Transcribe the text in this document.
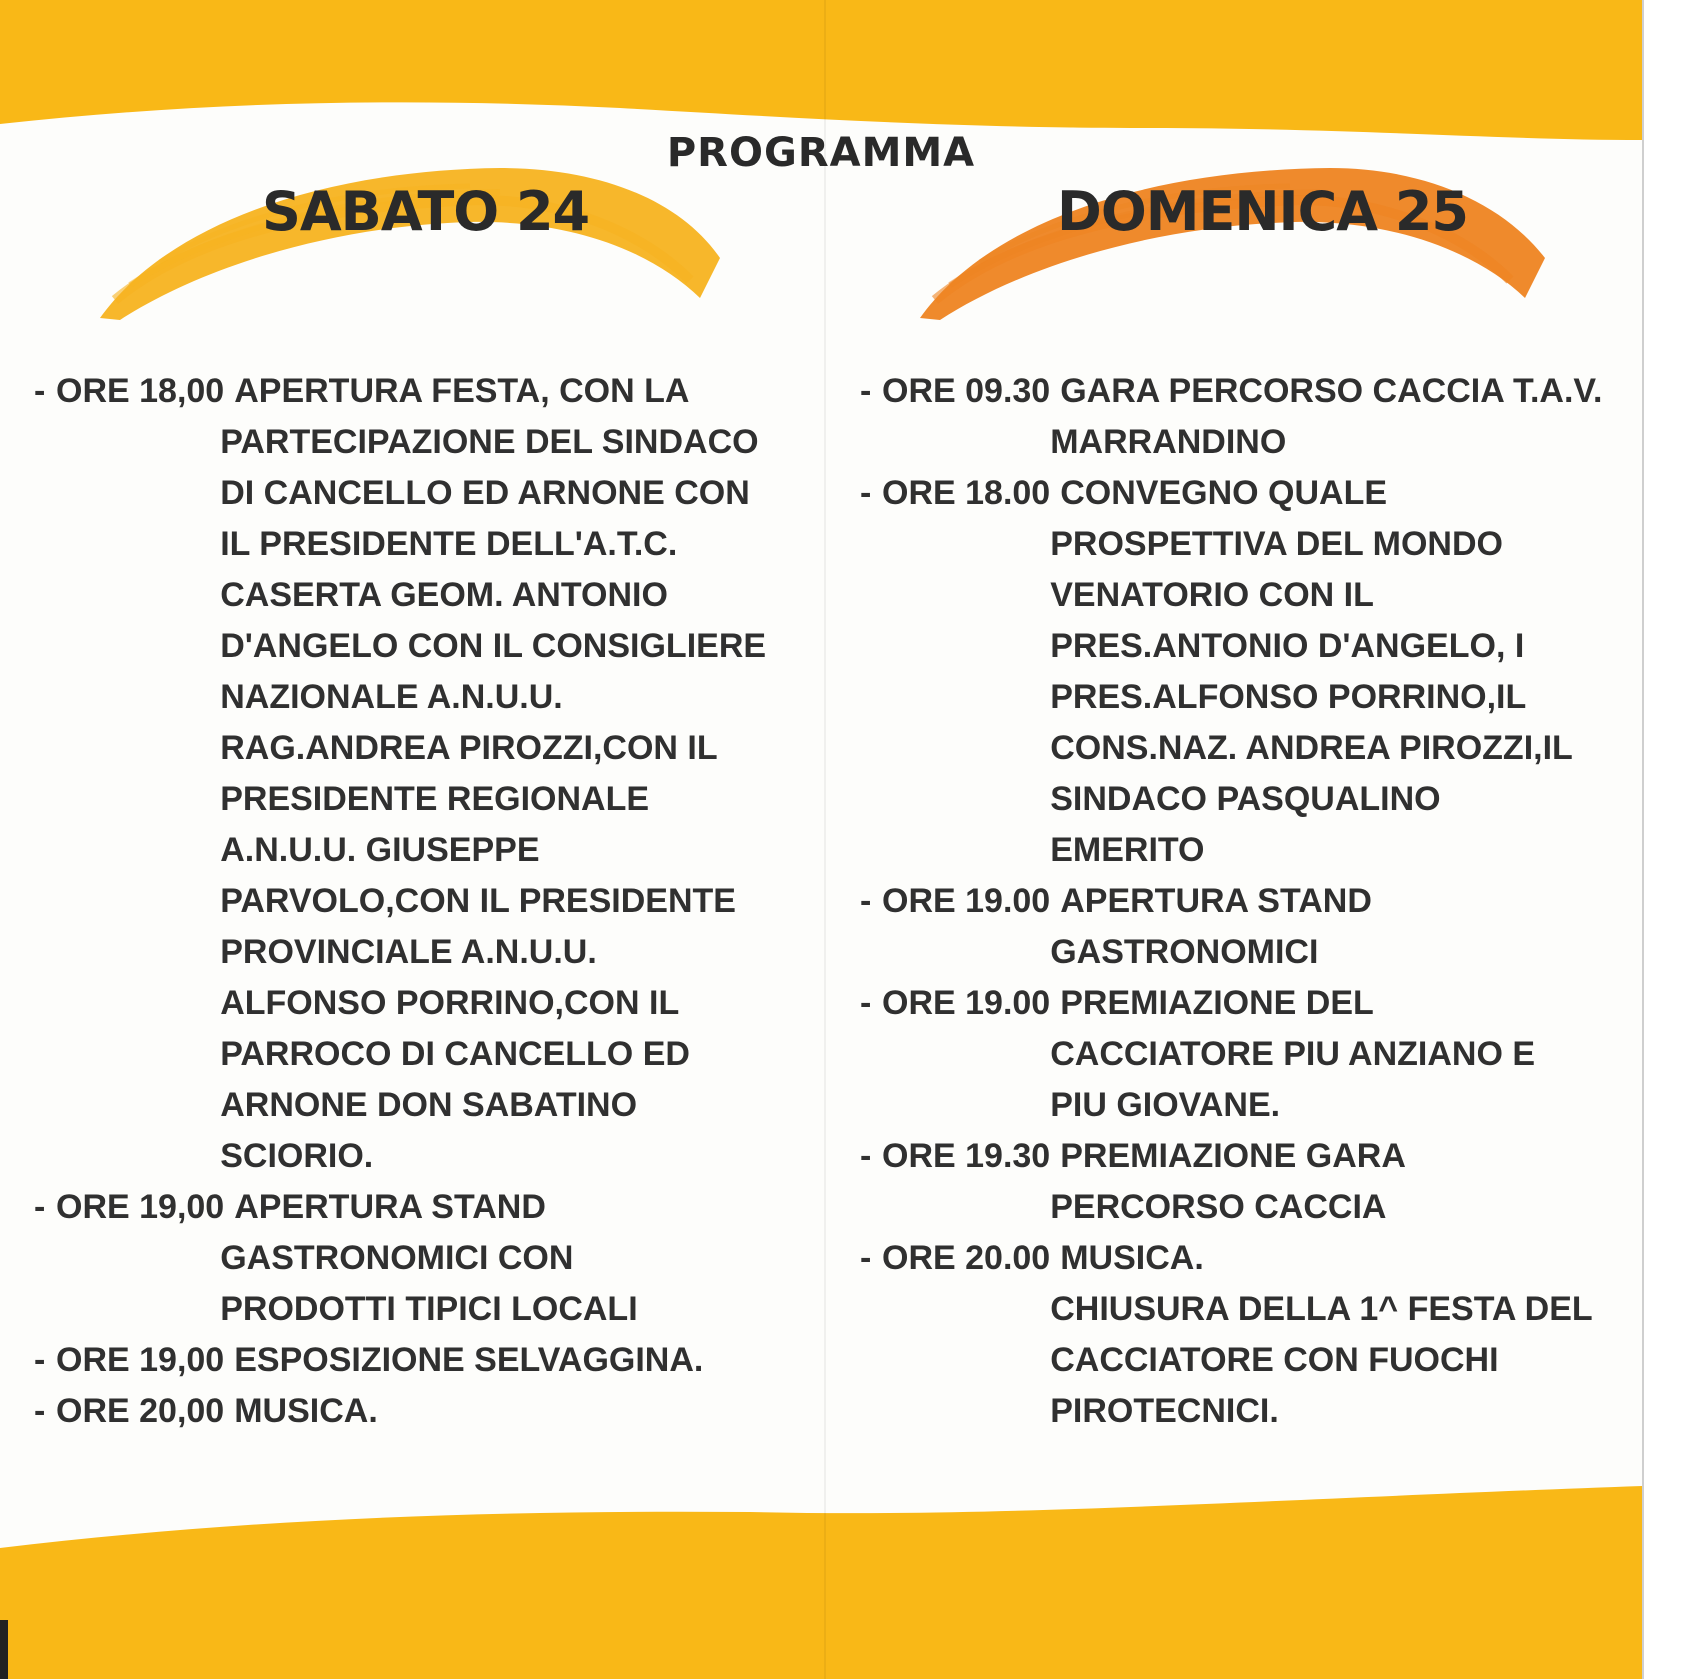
PROGRAMMA
SABATO 24	DOMENICA 25
- ORE 18,00 APERTURA FESTA, CON LA
PARTECIPAZIONE DEL SINDACO
DI CANCELLO ED ARNONE CON
IL PRESIDENTE DELL'A.T.C.
CASERTA GEOM. ANTONIO
D'ANGELO CON IL CONSIGLIERE
NAZIONALE A.N.U.U.
RAG.ANDREA PIROZZI,CON IL
PRESIDENTE REGIONALE
A.N.U.U. GIUSEPPE
PARVOLO,CON IL PRESIDENTE
PROVINCIALE A.N.U.U.
ALFONSO PORRINO,CON IL
PARROCO DI CANCELLO ED
ARNONE DON SABATINO
SCIORIO.
- ORE 19,00 APERTURA STAND
GASTRONOMICI CON
PRODOTTI TIPICI LOCALI
- ORE 19,00 ESPOSIZIONE SELVAGGINA.
- ORE 20,00 MUSICA.
- ORE 09.30 GARA PERCORSO CACCIA T.A.V.
MARRANDINO
- ORE 18.00 CONVEGNO QUALE
PROSPETTIVA DEL MONDO
VENATORIO CON IL
PRES.ANTONIO D'ANGELO, I
PRES.ALFONSO PORRINO,IL
CONS.NAZ. ANDREA PIROZZI,IL
SINDACO PASQUALINO
EMERITO
- ORE 19.00 APERTURA STAND
GASTRONOMICI
- ORE 19.00 PREMIAZIONE DEL
CACCIATORE PIU ANZIANO E
PIU GIOVANE.
- ORE 19.30 PREMIAZIONE GARA
PERCORSO CACCIA
- ORE 20.00 MUSICA.
CHIUSURA DELLA 1^ FESTA DEL
CACCIATORE CON FUOCHI
PIROTECNICI.
